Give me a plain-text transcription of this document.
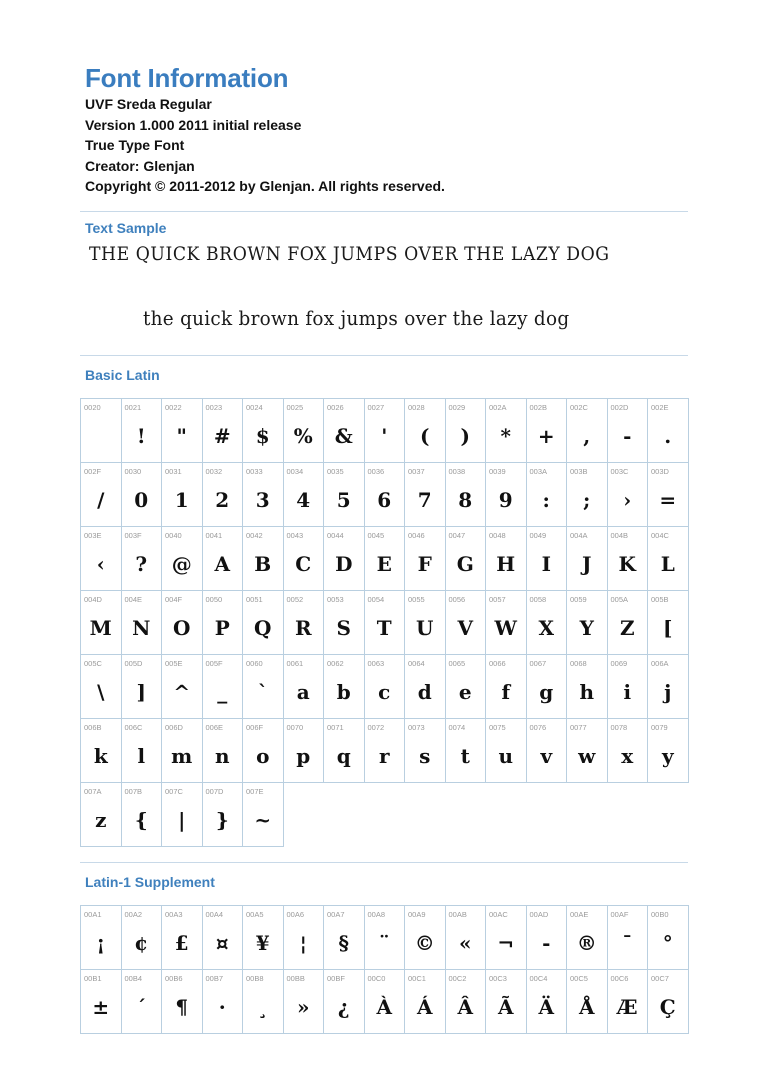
Font Information
UVF Sreda Regular
Version 1.000 2011 initial release
True Type Font
Creator: Glenjan
Copyright © 2011-2012 by Glenjan. All rights reserved.
Text Sample
THE QUICK BROWN FOX JUMPS OVER THE LAZY DOG
the quick brown fox jumps over the lazy dog
Basic Latin
0020	0021
!
0022
"
0023
#
0024
$
0025
%
0026
&
0027
'
0028
(
0029
)
002A
*
002B
+
002C
,
002D
-
002E
.
002F
/
0030
0
0031
1
0032
2
0033
3
0034
4
0035
5
0036
6
0037
7
0038
8
0039
9
003A
:
003B
;
003C
›
003D
=
003E
‹
003F
?
0040
@
0041
A
0042
B
0043
C
0044
D
0045
E
0046
F
0047
G
0048
H
0049
I
004A
J
004B
K
004C
L
004D
M
004E
N
004F
O
0050
P
0051
Q
0052
R
0053
S
0054
T
0055
U
0056
V
0057
W
0058
X
0059
Y
005A
Z
005B
[
005C
\
005D
]
005E
^
005F
_
0060
`
0061
a
0062
b
0063
c
0064
d
0065
e
0066
f
0067
g
0068
h
0069
i
006A
j
006B
k
006C
l
006D
m
006E
n
006F
o
0070
p
0071
q
0072
r
0073
s
0074
t
0075
u
0076
v
0077
w
0078
x
0079
y
007A
z
007B
{
007C
|
007D
}
007E
~
Latin-1 Supplement
00A1
¡
00A2
¢
00A3
£
00A4
¤
00A5
¥
00A6
¦
00A7
§
00A8
¨
00A9
©
00AB
«
00AC
¬
00AD
-
00AE
®
00AF
¯
00B0
°
00B1
±
00B4
´
00B6
¶
00B7
·
00B8
¸
00BB
»
00BF
¿
00C0
À
00C1
Á
00C2
Â
00C3
Ã
00C4
Ä
00C5
Å
00C6
Æ
00C7
Ç
